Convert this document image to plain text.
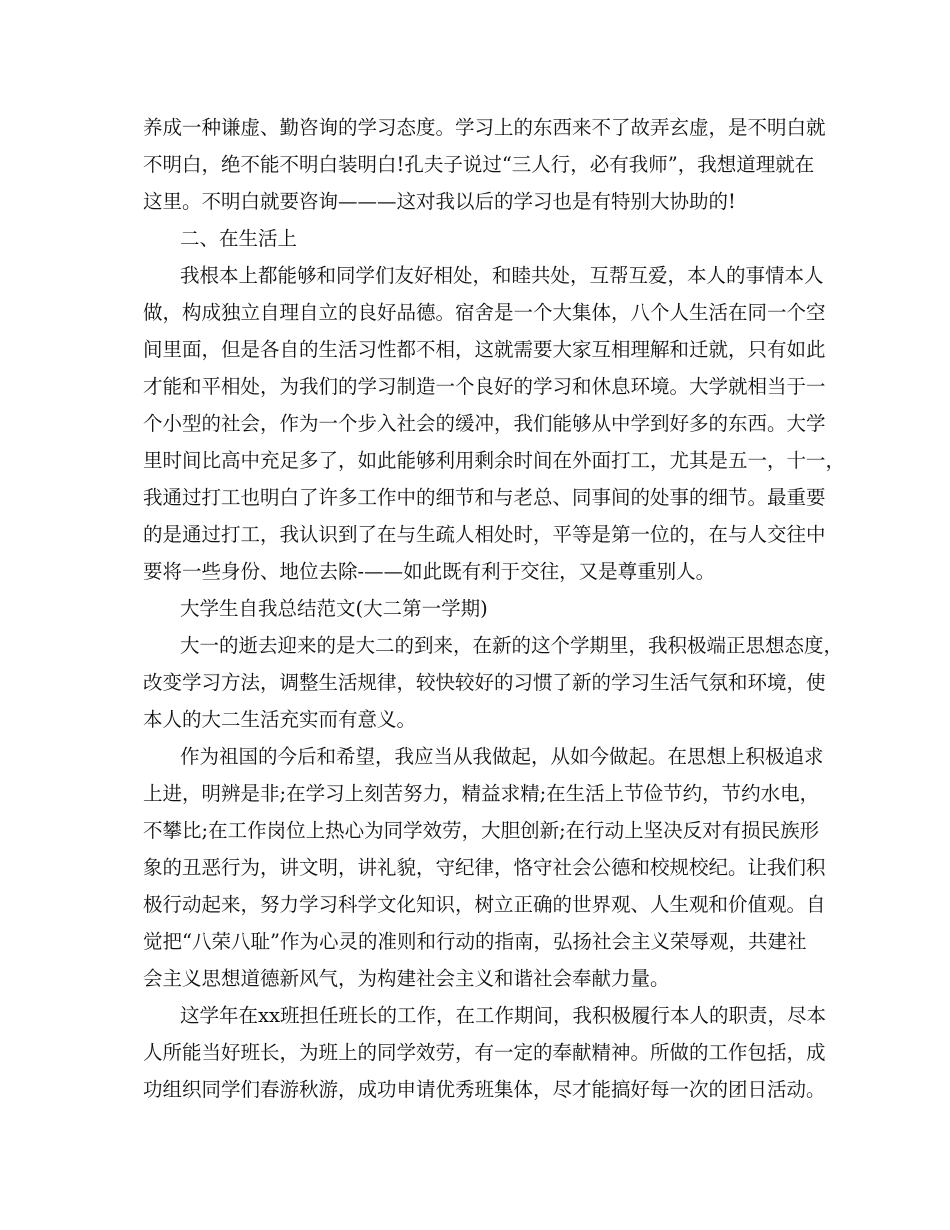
养成一种谦虚、勤咨询的学习态度。学习上的东西来不了故弄玄虚，是不明白就
不明白，绝不能不明白装明白!孔夫子说过“三人行，必有我师”，我想道理就在
这里。不明白就要咨询———这对我以后的学习也是有特别大协助的!
二、在生活上
我根本上都能够和同学们友好相处，和睦共处，互帮互爱，本人的事情本人
做，构成独立自理自立的良好品德。宿舍是一个大集体，八个人生活在同一个空
间里面，但是各自的生活习性都不相，这就需要大家互相理解和迁就，只有如此
才能和平相处，为我们的学习制造一个良好的学习和休息环境。大学就相当于一
个小型的社会，作为一个步入社会的缓冲，我们能够从中学到好多的东西。大学
里时间比高中充足多了，如此能够利用剩余时间在外面打工，尤其是五一，十一，
我通过打工也明白了许多工作中的细节和与老总、同事间的处事的细节。最重要
的是通过打工，我认识到了在与生疏人相处时，平等是第一位的，在与人交往中
要将一些身份、地位去除-——如此既有利于交往，又是尊重别人。
大学生自我总结范文(大二第一学期)
大一的逝去迎来的是大二的到来，在新的这个学期里，我积极端正思想态度，
改变学习方法，调整生活规律，较快较好的习惯了新的学习生活气氛和环境，使
本人的大二生活充实而有意义。
作为祖国的今后和希望，我应当从我做起，从如今做起。在思想上积极追求
上进，明辨是非;在学习上刻苦努力，精益求精;在生活上节俭节约，节约水电，
不攀比;在工作岗位上热心为同学效劳，大胆创新;在行动上坚决反对有损民族形
象的丑恶行为，讲文明，讲礼貌，守纪律，恪守社会公德和校规校纪。让我们积
极行动起来，努力学习科学文化知识，树立正确的世界观、人生观和价值观。自
觉把“八荣八耻”作为心灵的准则和行动的指南，弘扬社会主义荣辱观，共建社
会主义思想道德新风气，为构建社会主义和谐社会奉献力量。
这学年在xx班担任班长的工作，在工作期间，我积极履行本人的职责，尽本
人所能当好班长，为班上的同学效劳，有一定的奉献精神。所做的工作包括，成
功组织同学们春游秋游，成功申请优秀班集体，尽才能搞好每一次的团日活动。
